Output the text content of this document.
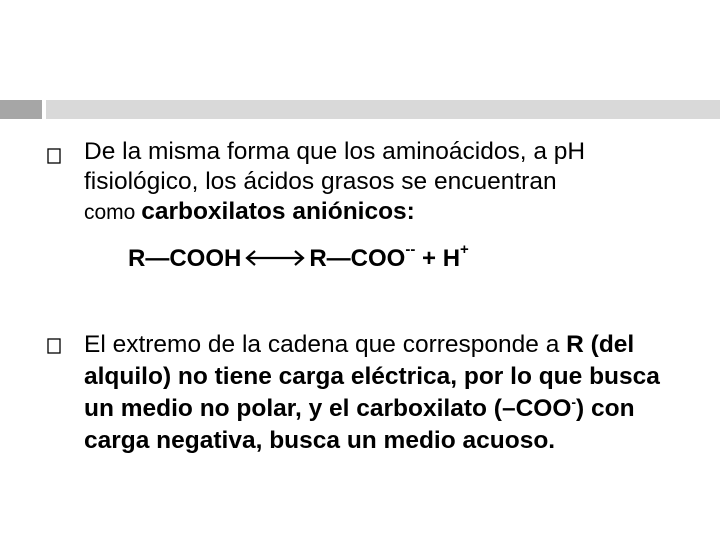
De la misma forma que los aminoácidos, a pH
fisiológico, los ácidos grasos se encuentran
como carboxilatos aniónicos:

R—COOH	R—COO-- + H+

El extremo de la cadena que corresponde a R (del alquilo) no tiene carga eléctrica, por lo que busca un medio no polar, y el carboxilato (–COO-) con carga negativa, busca un medio acuoso.
